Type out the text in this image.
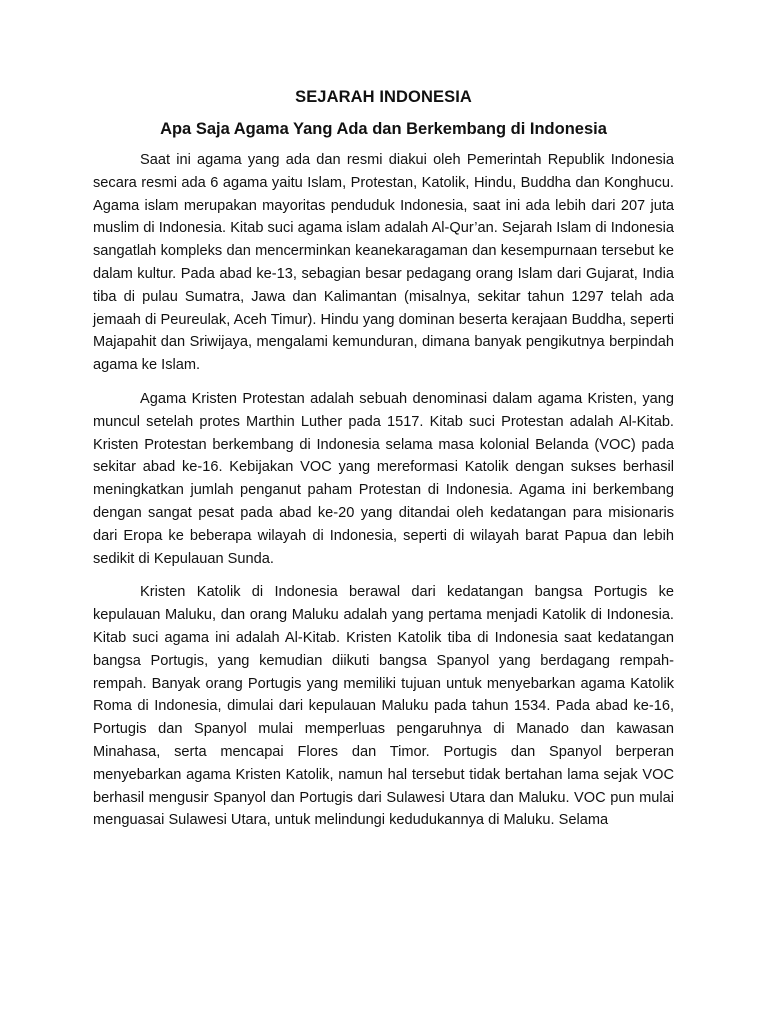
SEJARAH INDONESIA
Apa Saja Agama Yang Ada dan Berkembang di Indonesia

Saat ini agama yang ada dan resmi diakui oleh Pemerintah Republik Indonesia secara resmi ada 6 agama yaitu Islam, Protestan, Katolik, Hindu, Buddha dan Konghucu. Agama islam merupakan mayoritas penduduk Indonesia, saat ini ada lebih dari 207 juta muslim di Indonesia. Kitab suci agama islam adalah Al-Qur’an. Sejarah Islam di Indonesia sangatlah kompleks dan mencerminkan keanekaragaman dan kesempurnaan tersebut ke dalam kultur. Pada abad ke-13, sebagian besar pedagang orang Islam dari Gujarat, India tiba di pulau Sumatra, Jawa dan Kalimantan (misalnya, sekitar tahun 1297 telah ada jemaah di Peureulak, Aceh Timur). Hindu yang dominan beserta kerajaan Buddha, seperti Majapahit dan Sriwijaya, mengalami kemunduran, dimana banyak pengikutnya berpindah agama ke Islam.

Agama Kristen Protestan adalah sebuah denominasi dalam agama Kristen, yang muncul setelah protes Marthin Luther pada 1517. Kitab suci Protestan adalah Al-Kitab. Kristen Protestan berkembang di Indonesia selama masa kolonial Belanda (VOC) pada sekitar abad ke-16. Kebijakan VOC yang mereformasi Katolik dengan sukses berhasil meningkatkan jumlah penganut paham Protestan di Indonesia. Agama ini berkembang dengan sangat pesat pada abad ke-20 yang ditandai oleh kedatangan para misionaris dari Eropa ke beberapa wilayah di Indonesia, seperti di wilayah barat Papua dan lebih sedikit di Kepulauan Sunda.

Kristen Katolik di Indonesia berawal dari kedatangan bangsa Portugis ke kepulauan Maluku, dan orang Maluku adalah yang pertama menjadi Katolik di Indonesia. Kitab suci agama ini adalah Al-Kitab. Kristen Katolik tiba di Indonesia saat kedatangan bangsa Portugis, yang kemudian diikuti bangsa Spanyol yang berdagang rempah-rempah. Banyak orang Portugis yang memiliki tujuan untuk menyebarkan agama Katolik Roma di Indonesia, dimulai dari kepulauan Maluku pada tahun 1534. Pada abad ke-16, Portugis dan Spanyol mulai memperluas pengaruhnya di Manado dan kawasan Minahasa, serta mencapai Flores dan Timor. Portugis dan Spanyol berperan menyebarkan agama Kristen Katolik, namun hal tersebut tidak bertahan lama sejak VOC berhasil mengusir Spanyol dan Portugis dari Sulawesi Utara dan Maluku. VOC pun mulai menguasai Sulawesi Utara, untuk melindungi kedudukannya di Maluku. Selama
